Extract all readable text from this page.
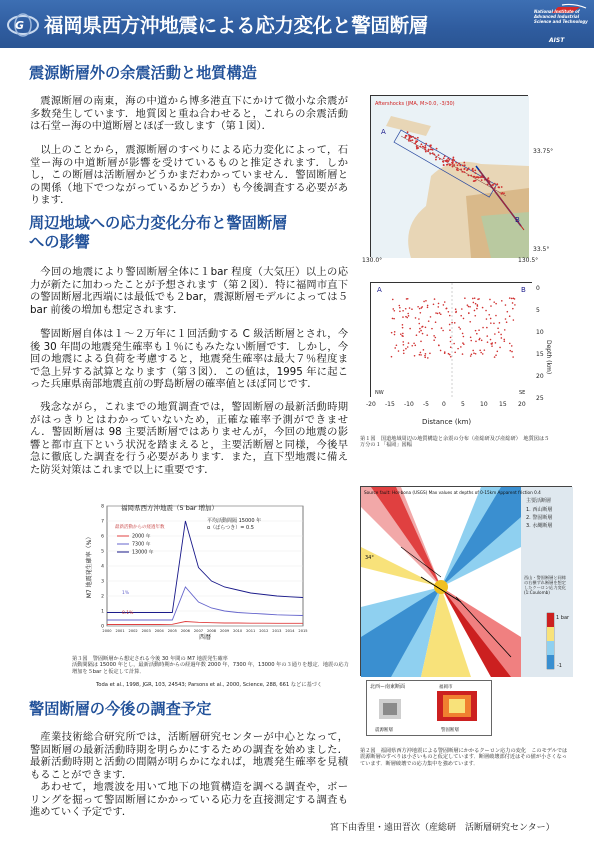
G 福岡県西方沖地震による応力変化と警固断層
National Institute of Advanced Industrial Science and Technology
AIST
震源断層外の余震活動と地質構造
震源断層の南東，海の中道から博多港直下にかけて微小な余震が多数発生しています．地質図と重ね合わせると，これらの余震活動は石堂ー海の中道断層とほぼ一致します（第１図）．
以上のことから，震源断層のすべりによる応力変化によって，石堂ー海の中道断層が影響を受けているものと推定されます．しかし，この断層は活断層かどうかまだわかっていません．警固断層との関係（地下でつながっているかどうか）も今後調査する必要があります．
周辺地域への応力変化分布と警固断層
への影響
今回の地震により警固断層全体に１bar 程度（大気圧）以上の応力が新たに加わったことが予想されます（第２図）．特に福岡市直下の警固断層北西端には最低でも２bar，震源断層モデルによっては５bar 前後の増加も想定されます．
警固断層自体は１～２万年に１回活動する C 級活断層とされ，今後 30 年間の地震発生確率も１％にもみたない断層です．しかし，今回の地震による負荷を考慮すると，地震発生確率は最大７％程度まで急上昇する試算となります（第３図）．この値は，1995 年に起こった兵庫県南部地震直前の野島断層の確率値とほぼ同じです．
残念ながら，これまでの地質調査では，警固断層の最新活動時期がはっきりとはわかっていないため，正確な確率予測ができません．警固断層は 98 主要活断層ではありませんが，今回の地震の影響と都市直下という状況を踏まえると，主要活断層と同様，今後早急に徹底した調査を行う必要があります．また，直下型地震に備えた防災対策はこれまで以上に重要です．
0
1
2
3
4
5
6
7
8
2000 2001 2002 2003 2004 2005 2006 2007 2008 2009 2010 2011 2012 2013 2014 2015
福岡県西方沖地震（5 bar 増加）
最新活動からの経過年数
平均活動間隔 15000 年
α（ばらつき）= 0.5
2000 年
7300 年
13000 年
M7 地震発生確率（%）
西暦
1%
0.1%
第３図　警固断層から想定される今後 30 年間の M7 地震発生確率
活動間隔は 15000 年とし，最新活動時期からの経過年数 2000 年，7300 年，13000 年の３通りを想定．地震の応力増加を５bar と仮定して計算．
Toda et al., 1998, JGR, 103, 24543; Parsons et al., 2000, Science, 288, 661 などに基づく
警固断層の今後の調査予定
産業技術総合研究所では，活断層研究センターが中心となって，警固断層の最新活動時期を明らかにするための調査を始めました．最新活動時期と活動の間隔が明らかになれば，地震発生確率を見積もることができます．
あわせて，地震波を用いて地下の地質構造を調べる調査や，ボーリングを掘って警固断層にかかっている応力を直接測定する調査も進めていく予定です．
Aftershocks (JMA, M>0.0, -3/30)
A
B
33.75°
33.5°
130.0°	130.5°
A	B
NW	SE
0
5
10
15
20
25
Depth (km)
-20 -15 -10 -5 0	5	10 15 20
Distance (km)
第１図　国道地域周辺の地質構造と余震の分布（産総研及び産総研）　地質図は５万分の１「福岡」図幅
Source fault: Hor-bona (USGS) Max values at depths of 0-15km Apparent friction 0.4
34°
主要活断層
1. 西山断層
2. 警固断層
3. 水縄断層
西山・警固断層と同様の右横ずれ断層を想定したクーロン応力変化 (1:Coulomb)
1 bar
-1
北西ー南東断面	福岡市
震源断層	警固断層
第２図　福岡県西方沖地震による警固断層にかかるクーロン応力の変化　このモデルでは震源断層のすべりは小さいものと仮定しています．断層破壊部付近はその値が小さくなっています．断層破壊での応力集中を強めています．
宮下由香里・遠田晋次（産総研　活断層研究センター）
